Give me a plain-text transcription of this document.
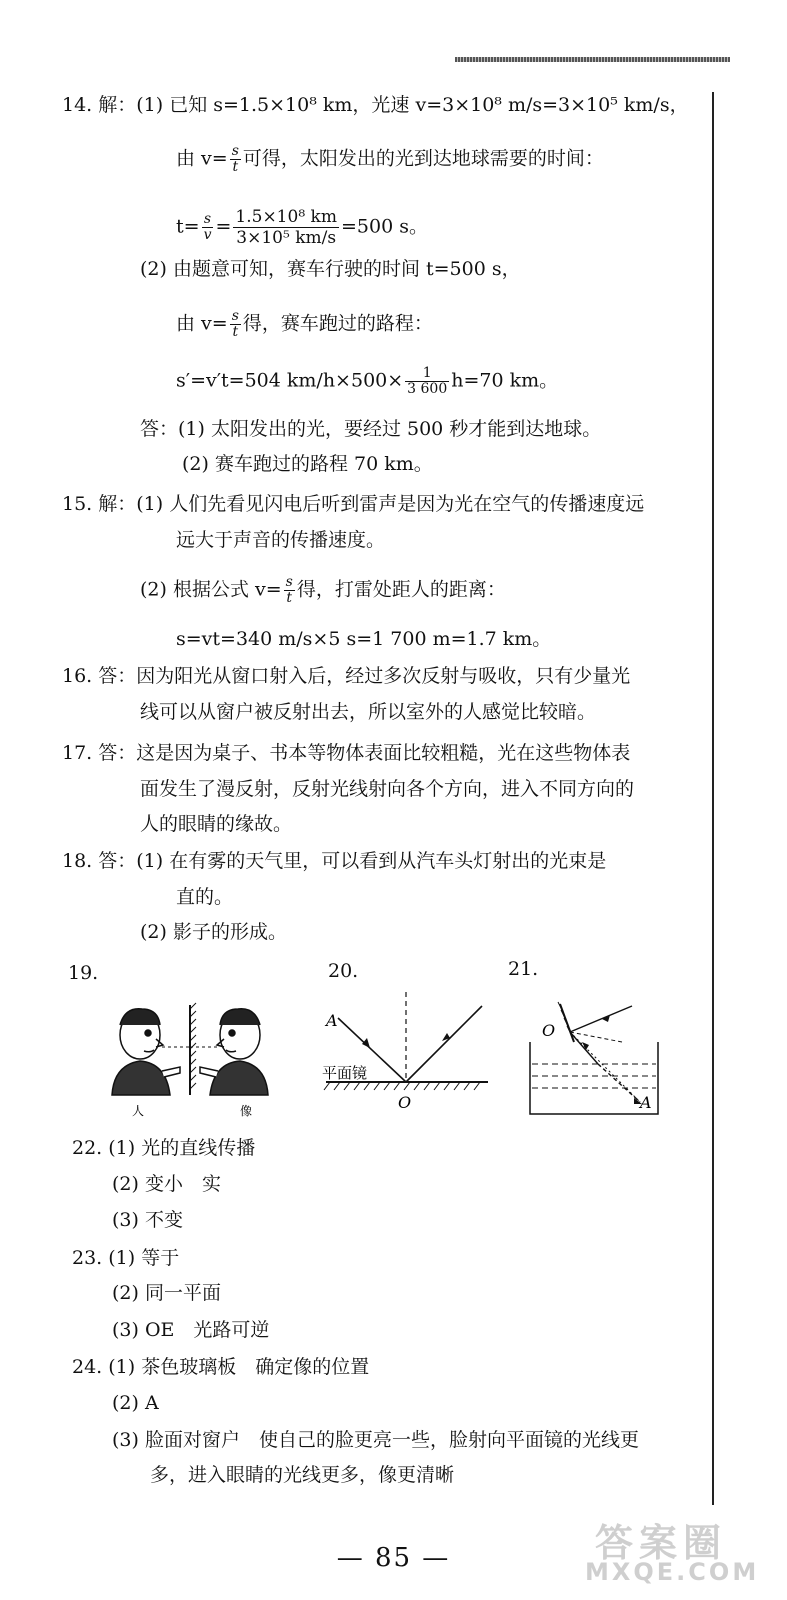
14. 解：(1) 已知 s=1.5×10⁸ km，光速 v=3×10⁸ m/s=3×10⁵ km/s，
由 $v= \frac{s}{t}$ 可得，太阳发出的光到达地球需要的时间：
$t= \frac{s}{v} = \frac{\text{1.5×10⁸ km}}{\text{3×10⁵ km/s}} =500$ s。
(2) 由题意可知，赛车行驶的时间 t=500 s，
由 $v= \frac{s}{t}$ 得，赛车跑过的路程：
s′=v′t=504 $km/h\times 500\times \frac{1}{3 600} h=70$ km。
答：(1) 太阳发出的光，要经过 500 秒才能到达地球。
(2) 赛车跑过的路程 70 km。
15. 解：(1) 人们先看见闪电后听到雷声是因为光在空气的传播速度远
远大于声音的传播速度。
(2) 根据公式 $v= \frac{s}{t}$ 得，打雷处距人的距离：
s=vt=340 m/s×5 s=1 700 m=1.7 km。
16. 答：因为阳光从窗口射入后，经过多次反射与吸收，只有少量光
线可以从窗户被反射出去，所以室外的人感觉比较暗。
17. 答：这是因为桌子、书本等物体表面比较粗糙，光在这些物体表
面发生了漫反射，反射光线射向各个方向，进入不同方向的
人的眼睛的缘故。
18. 答：(1) 在有雾的天气里，可以看到从汽车头灯射出的光束是
直的。
(2) 影子的形成。
19.	20.	21.
人	像
A
平面镜
O
O
A
22. (1) 光的直线传播
(2) 变小　实
(3) 不变
23. (1) 等于
(2) 同一平面
(3) OE　光路可逆
24. (1) 茶色玻璃板　确定像的位置
(2) A
(3) 脸面对窗户　使自己的脸更亮一些，脸射向平面镜的光线更
多，进入眼睛的光线更多，像更清晰
— 85 —	答案圈
MXQE.COM
